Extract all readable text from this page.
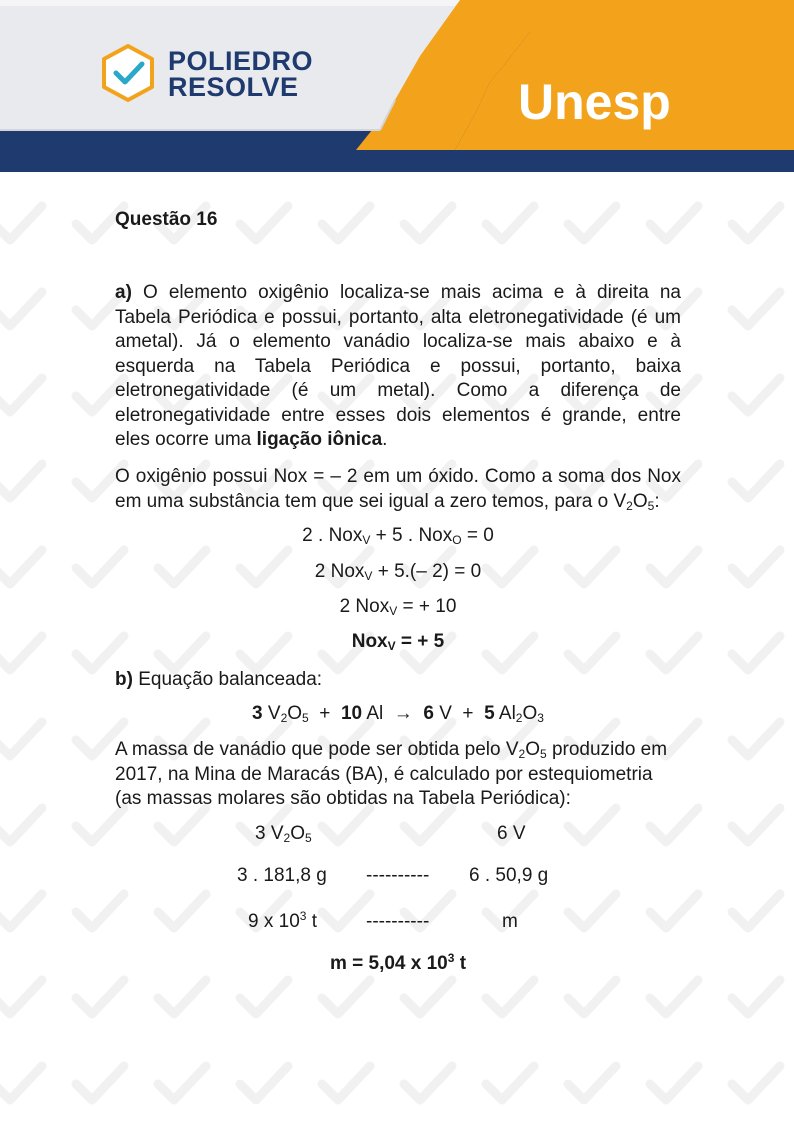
POLIEDRO
RESOLVE	Unesp
Questão 16
a) O elemento oxigênio localiza-se mais acima e à direita na Tabela Periódica e possui, portanto, alta eletronegatividade (é um ametal). Já o elemento vanádio localiza-se mais abaixo e à esquerda na Tabela Periódica e possui, portanto, baixa eletronegatividade (é um metal). Como a diferença de eletronegatividade entre esses dois elementos é grande, entre eles ocorre uma ligação iônica.
O oxigênio possui Nox = – 2 em um óxido. Como a soma dos Nox em uma substância tem que sei igual a zero temos, para o $V_2O_5$:
2 . Nox$_V$ + 5 . Nox$_O$ = 0
2 Nox$_V$ + 5.(– 2) = 0
2 Nox$_V$ = + 10
Nox$_V$ = + 5
b) Equação balanceada:
3 $V_2O_5 + 10$ Al  →  6 V  +  5 $Al_2O_3$
A massa de vanádio que pode ser obtida pelo $V_2O_5$ produzido em 2017, na Mina de Maracás (BA), é calculado por estequiometria (as massas molares são obtidas na Tabela Periódica):
3 $V_2O_5$	6 V
3 . 181,8 g ---------- 6 . 50,9 g
9 x $10^3$ t	----------	m
m = 5,04 x $10^3$ t
